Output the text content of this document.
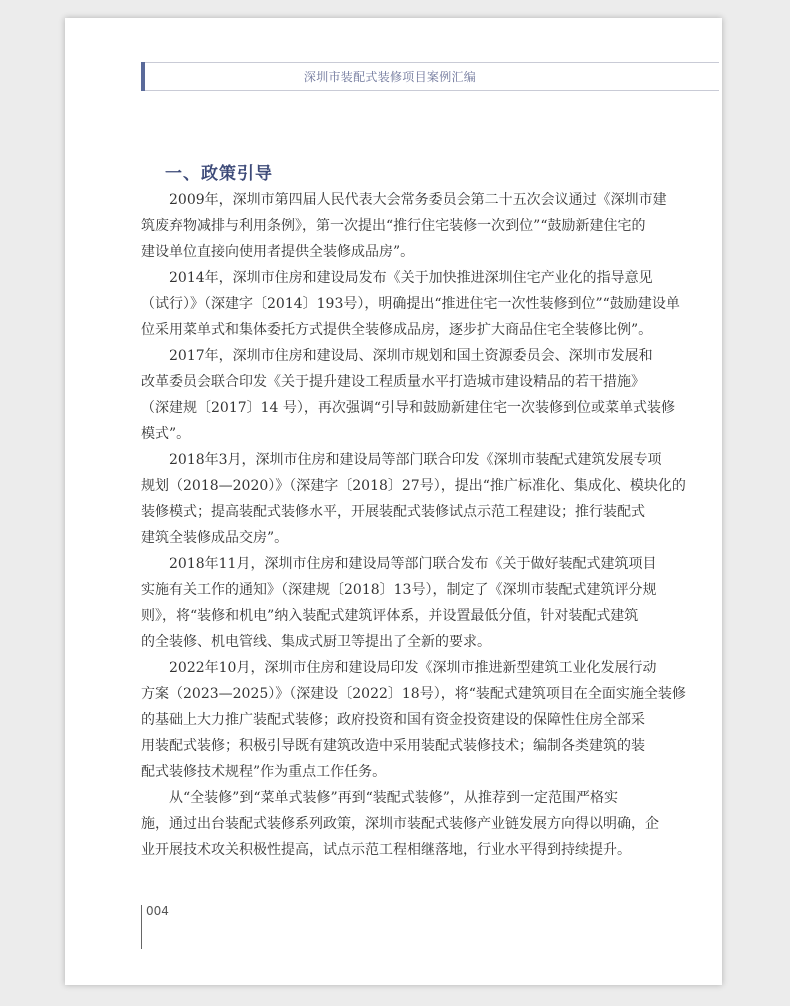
深圳市装配式装修项目案例汇编
一、政策引导
2009年，深圳市第四届人民代表大会常务委员会第二十五次会议通过《深圳市建
筑废弃物减排与利用条例》，第一次提出“推行住宅装修一次到位”“鼓励新建住宅的
建设单位直接向使用者提供全装修成品房”。
2014年，深圳市住房和建设局发布《关于加快推进深圳住宅产业化的指导意见
（试行）》（深建字〔2014〕193号），明确提出“推进住宅一次性装修到位”“鼓励建设单
位采用菜单式和集体委托方式提供全装修成品房，逐步扩大商品住宅全装修比例”。
2017年，深圳市住房和建设局、深圳市规划和国土资源委员会、深圳市发展和
改革委员会联合印发《关于提升建设工程质量水平打造城市建设精品的若干措施》
（深建规〔2017〕14 号），再次强调“引导和鼓励新建住宅一次装修到位或菜单式装修
模式”。
2018年3月，深圳市住房和建设局等部门联合印发《深圳市装配式建筑发展专项
规划（2018—2020）》（深建字〔2018〕27号），提出“推广标准化、集成化、模块化的
装修模式；提高装配式装修水平，开展装配式装修试点示范工程建设；推行装配式
建筑全装修成品交房”。
2018年11月，深圳市住房和建设局等部门联合发布《关于做好装配式建筑项目
实施有关工作的通知》（深建规〔2018〕13号），制定了《深圳市装配式建筑评分规
则》，将“装修和机电”纳入装配式建筑评体系，并设置最低分值，针对装配式建筑
的全装修、机电管线、集成式厨卫等提出了全新的要求。
2022年10月，深圳市住房和建设局印发《深圳市推进新型建筑工业化发展行动
方案（2023—2025）》（深建设〔2022〕18号），将“装配式建筑项目在全面实施全装修
的基础上大力推广装配式装修；政府投资和国有资金投资建设的保障性住房全部采
用装配式装修；积极引导既有建筑改造中采用装配式装修技术；编制各类建筑的装
配式装修技术规程”作为重点工作任务。
从“全装修”到“菜单式装修”再到“装配式装修”，从推荐到一定范围严格实
施，通过出台装配式装修系列政策，深圳市装配式装修产业链发展方向得以明确，企
业开展技术攻关积极性提高，试点示范工程相继落地，行业水平得到持续提升。
004
